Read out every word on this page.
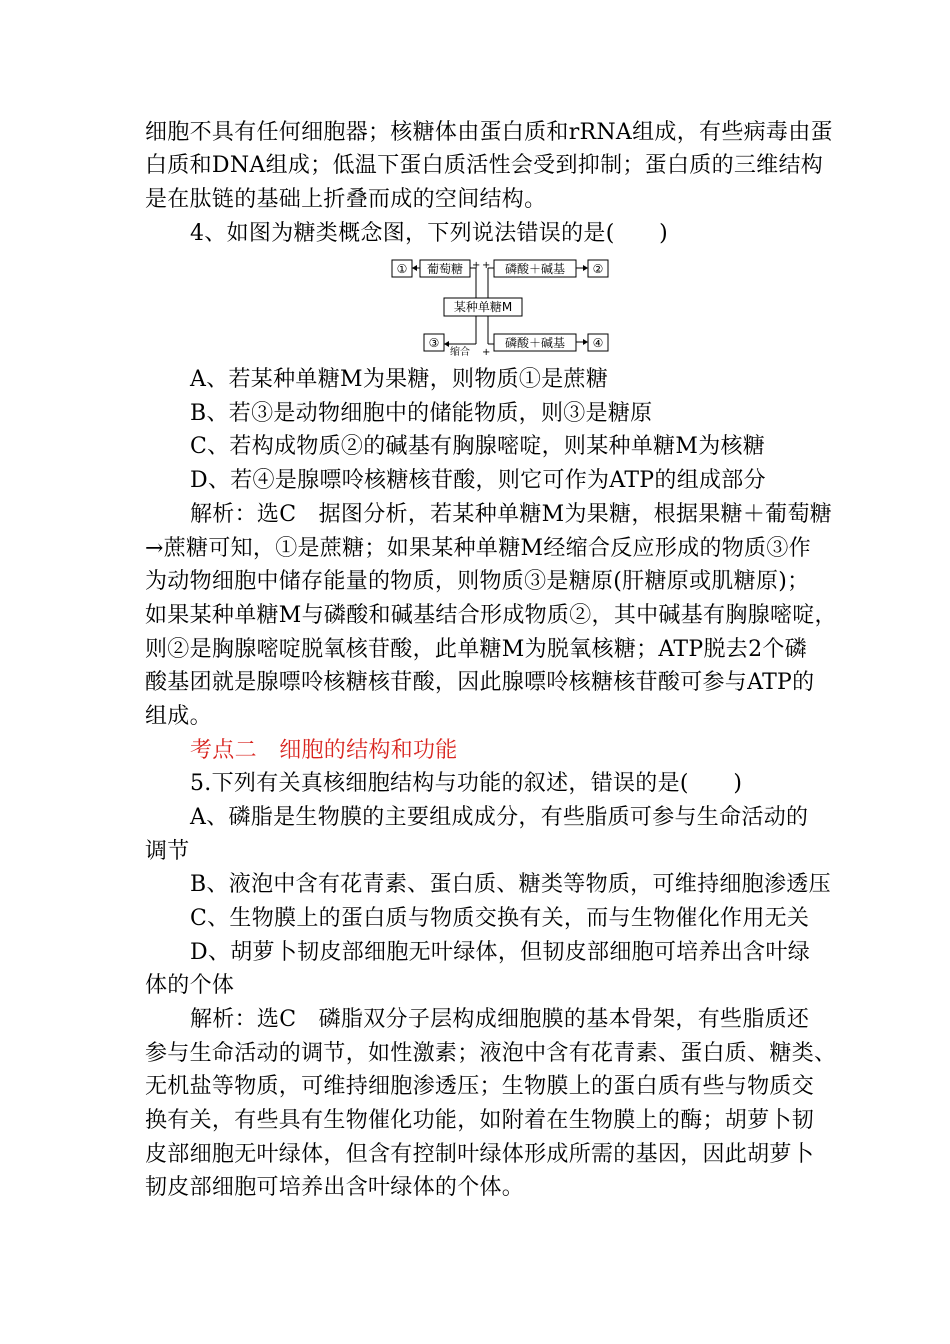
细胞不具有任何细胞器；核糖体由蛋白质和rRNA组成，有些病毒由蛋
白质和DNA组成；低温下蛋白质活性会受到抑制；蛋白质的三维结构
是在肽链的基础上折叠而成的空间结构。
4、如图为糖类概念图，下列说法错误的是(　　)
① 葡萄糖 + + 磷酸＋碱基 ②
某种单糖M
③
缩合 +
磷酸＋碱基 ④
A、若某种单糖M为果糖，则物质①是蔗糖
B、若③是动物细胞中的储能物质，则③是糖原
C、若构成物质②的碱基有胸腺嘧啶，则某种单糖M为核糖
D、若④是腺嘌呤核糖核苷酸，则它可作为ATP的组成部分
解析：选C　据图分析，若某种单糖M为果糖，根据果糖＋葡萄糖
→蔗糖可知，①是蔗糖；如果某种单糖M经缩合反应形成的物质③作
为动物细胞中储存能量的物质，则物质③是糖原(肝糖原或肌糖原)；
如果某种单糖M与磷酸和碱基结合形成物质②，其中碱基有胸腺嘧啶，
则②是胸腺嘧啶脱氧核苷酸，此单糖M为脱氧核糖；ATP脱去2个磷
酸基团就是腺嘌呤核糖核苷酸，因此腺嘌呤核糖核苷酸可参与ATP的
组成。
考点二　细胞的结构和功能
5.下列有关真核细胞结构与功能的叙述，错误的是(　　)
A、磷脂是生物膜的主要组成成分，有些脂质可参与生命活动的
调节
B、液泡中含有花青素、蛋白质、糖类等物质，可维持细胞渗透压
C、生物膜上的蛋白质与物质交换有关，而与生物催化作用无关
D、胡萝卜韧皮部细胞无叶绿体，但韧皮部细胞可培养出含叶绿
体的个体
解析：选C　磷脂双分子层构成细胞膜的基本骨架，有些脂质还
参与生命活动的调节，如性激素；液泡中含有花青素、蛋白质、糖类、
无机盐等物质，可维持细胞渗透压；生物膜上的蛋白质有些与物质交
换有关，有些具有生物催化功能，如附着在生物膜上的酶；胡萝卜韧
皮部细胞无叶绿体，但含有控制叶绿体形成所需的基因，因此胡萝卜
韧皮部细胞可培养出含叶绿体的个体。
